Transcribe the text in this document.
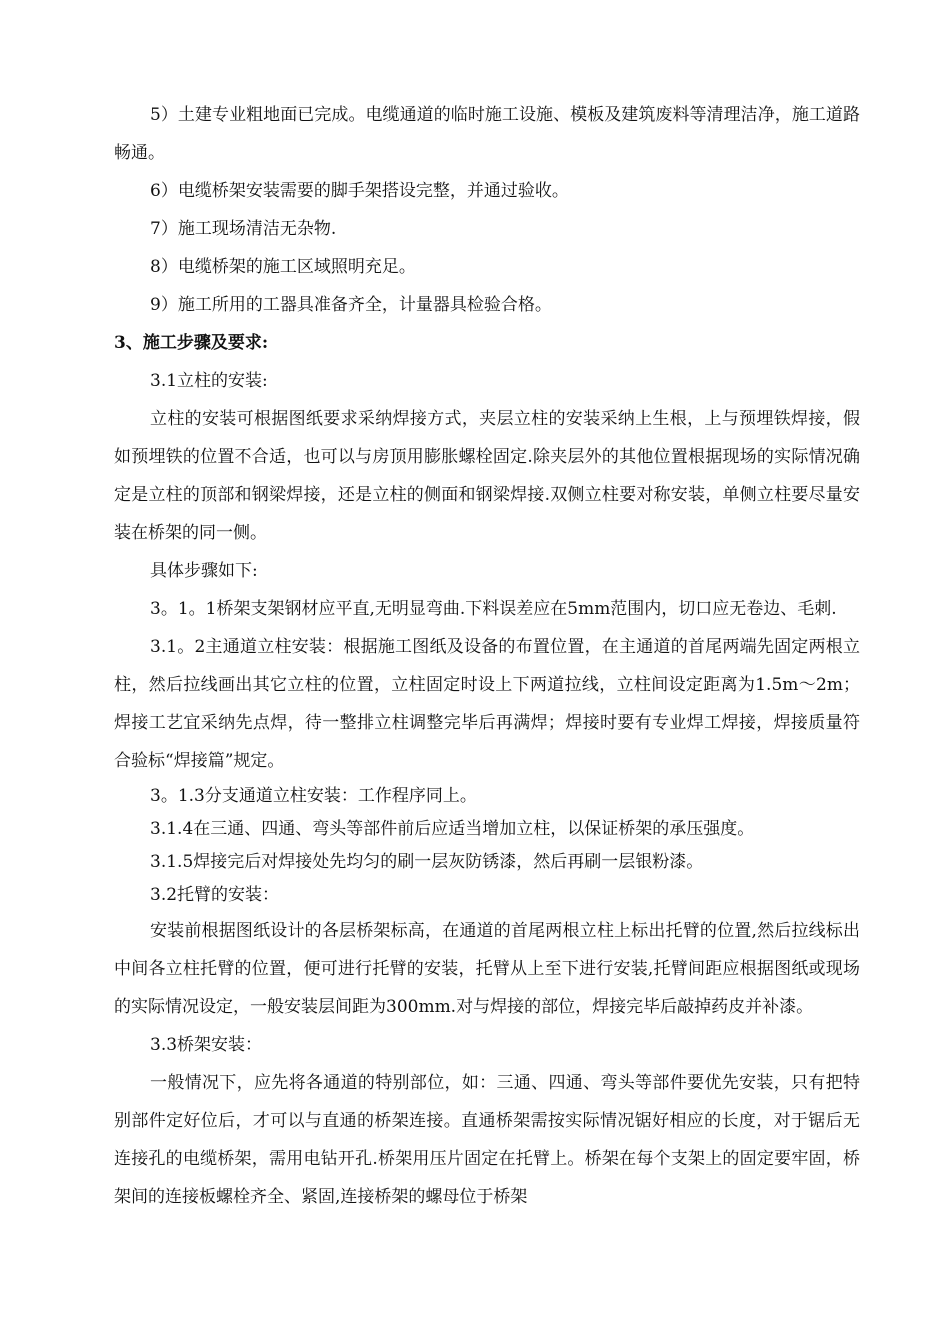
5）土建专业粗地面已完成。电缆通道的临时施工设施、模板及建筑废料等清理洁净，施工道路畅通。

6）电缆桥架安装需要的脚手架搭设完整，并通过验收。

7）施工现场清洁无杂物.

8）电缆桥架的施工区域照明充足。

9）施工所用的工器具准备齐全，计量器具检验合格。

3、施工步骤及要求:

3.1立柱的安装:

立柱的安装可根据图纸要求采纳焊接方式，夹层立柱的安装采纳上生根，上与预埋铁焊接，假如预埋铁的位置不合适，也可以与房顶用膨胀螺栓固定.除夹层外的其他位置根据现场的实际情况确定是立柱的顶部和钢梁焊接，还是立柱的侧面和钢梁焊接.双侧立柱要对称安装，单侧立柱要尽量安装在桥架的同一侧。

具体步骤如下:

3。1。1桥架支架钢材应平直,无明显弯曲.下料误差应在5mm范围内，切口应无卷边、毛刺.

3.1。2主通道立柱安装：根据施工图纸及设备的布置位置，在主通道的首尾两端先固定两根立柱，然后拉线画出其它立柱的位置，立柱固定时设上下两道拉线，立柱间设定距离为1.5m～2m；焊接工艺宜采纳先点焊，待一整排立柱调整完毕后再满焊；焊接时要有专业焊工焊接，焊接质量符合验标“焊接篇”规定。

3。1.3分支通道立柱安装：工作程序同上。

3.1.4在三通、四通、弯头等部件前后应适当增加立柱，以保证桥架的承压强度。

3.1.5焊接完后对焊接处先均匀的刷一层灰防锈漆，然后再刷一层银粉漆。

3.2托臂的安装：

安装前根据图纸设计的各层桥架标高，在通道的首尾两根立柱上标出托臂的位置,然后拉线标出中间各立柱托臂的位置，便可进行托臂的安装，托臂从上至下进行安装,托臂间距应根据图纸或现场的实际情况设定，一般安装层间距为300mm.对与焊接的部位，焊接完毕后敲掉药皮并补漆。

3.3桥架安装：

一般情况下，应先将各通道的特别部位，如：三通、四通、弯头等部件要优先安装，只有把特别部件定好位后，才可以与直通的桥架连接。直通桥架需按实际情况锯好相应的长度，对于锯后无连接孔的电缆桥架，需用电钻开孔.桥架用压片固定在托臂上。桥架在每个支架上的固定要牢固，桥架间的连接板螺栓齐全、紧固,连接桥架的螺母位于桥架
